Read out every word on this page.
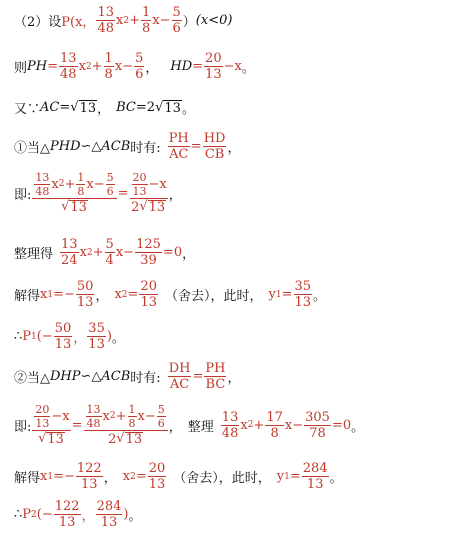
（2）设 P(x， $\frac{13}{48}$ x $2 + \frac{1}{8}$ $x - \frac{5}{6}$ ） (x<0)
则 PH = $\frac{13}{48}$ x $2 + \frac{1}{8}$ $x - \frac{5}{6}$ ， HD = $\frac{20}{13} -x$ 。
又∵ AC = √ 13 ， BC = 2 √ 13 。
①当△ PHD ∽△ ACB 时有: $\frac{PH}{AC} = \frac{HD}{CB}$ ，
即: $\frac{\frac{13}{48} x 2 + \frac{1}{8} x - \frac{5}{6}}{√ 13} = \frac{\frac{20}{13} -x}{2 √ 13}$ ，
整理得 $\frac{13}{24}$ x $2 + \frac{5}{4}$ $x - \frac{125}{39} = 0$ ，
解得 x $1 =- \frac{50}{13}$ ， x $2 = \frac{20}{13}$ （舍去），此时， y $1 = \frac{35}{13}$ 。
∴ P 1 (− $\frac{50}{13}$ ， $\frac{35}{13}$ ) 。
②当△ DHP ∽△ ACB 时有: $\frac{DH}{AC} = \frac{PH}{BC}$ ，
即: $\frac{\frac{20}{13} -x}{√ 13} = \frac{\frac{13}{48} x 2 + \frac{1}{8} x - \frac{5}{6}}{2 √ 13}$ ， 整理 $\frac{13}{48}$ x $2 + \frac{17}{8}$ $x - \frac{305}{78} = 0$ 。
解得 x $1 =- \frac{122}{13}$ ， x $2 = \frac{20}{13}$ （舍去），此时， y $1 = \frac{284}{13}$ 。
∴ P 2 (− $\frac{122}{13}$ ， $\frac{284}{13}$ ) 。
